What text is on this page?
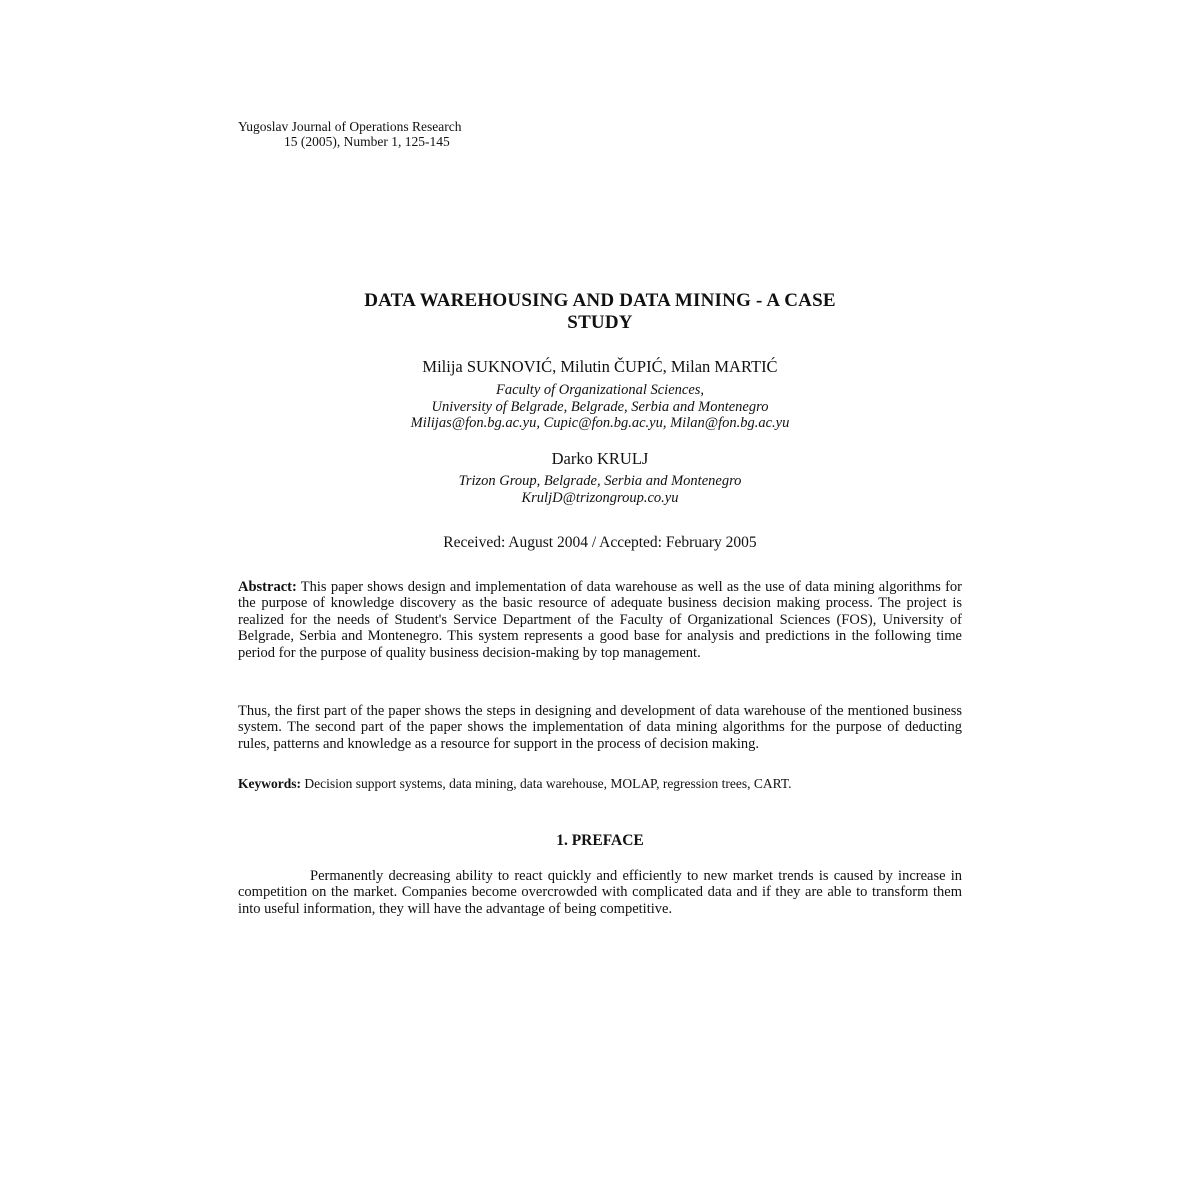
Yugoslav Journal of Operations Research
15 (2005), Number 1, 125-145
DATA WAREHOUSING AND DATA MINING - A CASE
STUDY
Milija SUKNOVIĆ, Milutin ČUPIĆ, Milan MARTIĆ
Faculty of Organizational Sciences,
University of Belgrade, Belgrade, Serbia and Montenegro
Milijas@fon.bg.ac.yu, Cupic@fon.bg.ac.yu, Milan@fon.bg.ac.yu
Darko KRULJ
Trizon Group, Belgrade, Serbia and Montenegro
KruljD@trizongroup.co.yu
Received: August 2004 / Accepted: February 2005
Abstract: This paper shows design and implementation of data warehouse as well as the use of data mining algorithms for the purpose of knowledge discovery as the basic resource of adequate business decision making process. The project is realized for the needs of Student's Service Department of the Faculty of Organizational Sciences (FOS), University of Belgrade, Serbia and Montenegro. This system represents a good base for analysis and predictions in the following time period for the purpose of quality business decision-making by top management.
Thus, the first part of the paper shows the steps in designing and development of data warehouse of the mentioned business system. The second part of the paper shows the implementation of data mining algorithms for the purpose of deducting rules, patterns and knowledge as a resource for support in the process of decision making.
Keywords: Decision support systems, data mining, data warehouse, MOLAP, regression trees, CART.
1. PREFACE
Permanently decreasing ability to react quickly and efficiently to new market trends is caused by increase in competition on the market. Companies become overcrowded with complicated data and if they are able to transform them into useful information, they will have the advantage of being competitive.
